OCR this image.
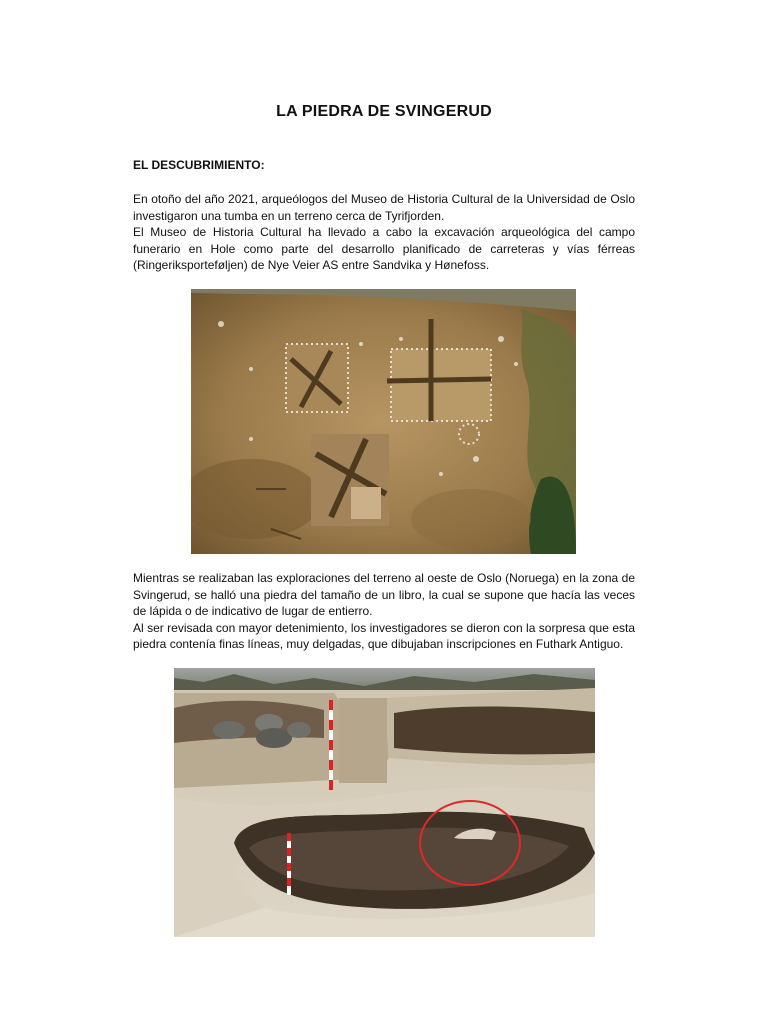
LA PIEDRA DE SVINGERUD
EL DESCUBRIMIENTO:

En otoño del año 2021, arqueólogos del Museo de Historia Cultural de la Universidad de Oslo investigaron una tumba en un terreno cerca de Tyrifjorden.

El Museo de Historia Cultural ha llevado a cabo la excavación arqueológica del campo funerario en Hole como parte del desarrollo planificado de carreteras y vías férreas (Ringeriksporteføljen) de Nye Veier AS entre Sandvika y Hønefoss.

Mientras se realizaban las exploraciones del terreno al oeste de Oslo (Noruega) en la zona de Svingerud, se halló una piedra del tamaño de un libro, la cual se supone que hacía las veces de lápida o de indicativo de lugar de entierro.

Al ser revisada con mayor detenimiento, los investigadores se dieron con la sorpresa que esta piedra contenía finas líneas, muy delgadas, que dibujaban inscripciones en Futhark Antiguo.
